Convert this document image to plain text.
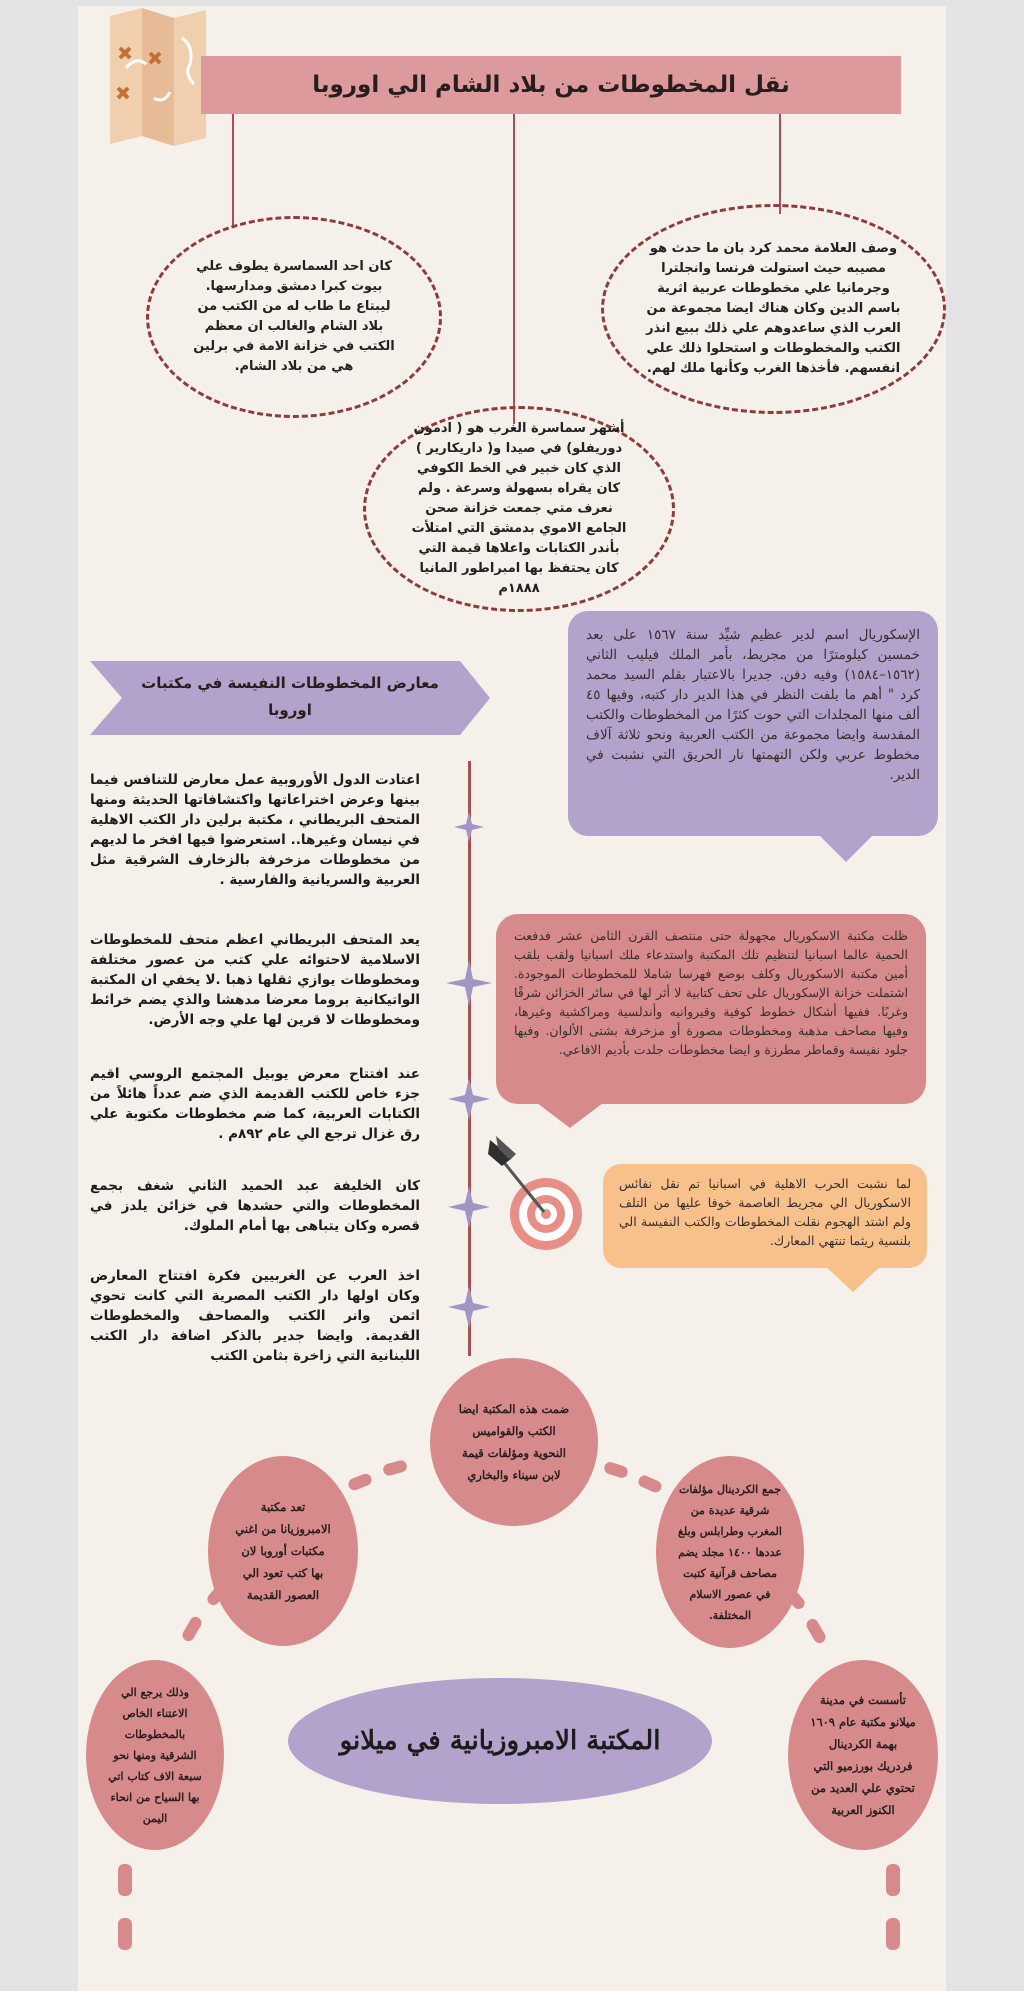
نقل المخطوطات من بلاد الشام الي اوروبا
وصف العلامة محمد كرد بان ما حدث هو مصيبه حيث استولت فرنسا وانجلترا وجرمانيا علي مخطوطات عربية اثرية باسم الدين وكان هناك ايضا مجموعة من العرب الذي ساعدوهم علي ذلك ببيع انذر الكتب والمخطوطات و استحلوا ذلك علي انفسهم. فأخذها الغرب وكأنها ملك لهم.
كان احد السماسرة يطوف علي بيوت كبرا دمشق ومدارسها. ليبتاع ما طاب له من الكتب من بلاد الشام والغالب ان معظم الكتب في خزانة الامة في برلين هي من بلاد الشام.
أشهر سماسرة الغرب هو ( ادمون دوريفلو) في صيدا و( داريكارير ) الذي كان خبير في الخط الكوفي كان يقراه بسهولة وسرعة . ولم نعرف متي جمعت خزانة صحن الجامع الاموي بدمشق التي امتلأت بأندر الكتابات واعلاها قيمة التي كان يحتفظ بها امبراطور المانيا ١٨٨٨م
الإسكوريال اسم لدير عظيم شيِّد سنة ١٥٦٧ على بعد خمسين كيلومترًا من مجريط، بأمر الملك فيليب الثاني (١٥٦٢–١٥٨٤) وفيه دفن. جديرا بالاعتبار بقلم السيد محمد كرد " أهم ما يلفت النظر في هذا الدير دار كتبه، وفيها ٤٥ ألف منها المجلدات التي حوت كثرًا من المخطوطات والكتب المقدسة وايضا مجموعة من الكتب العربية ونحو ثلاثة آلاف مخطوط عربي ولكن التهمتها نار الحريق التي نشبت في الدير.
معارض المخطوطات النفيسة في مكتبات اوروبا
اعتادت الدول الأوروبية عمل معارض للتنافس فيما بينها وعرض اختراعاتها واكتشافاتها الحديثة ومنها المتحف البريطاني ، مكتبة برلين دار الكتب الاهلية في نيسان وغيرها.. استعرضوا فيها افخر ما لديهم من مخطوطات مزخرفة بالزخارف الشرقية مثل العربية والسريانية والفارسية .
يعد المتحف البريطاني اعظم متحف للمخطوطات الاسلامية لاحتوائه علي كتب من عصور مختلفة ومخطوطات يوازي ثقلها ذهبا .لا يخفي ان المكتبة الواتيكانية بروما معرضا مدهشا والذي يضم خرائط ومخطوطات لا قرين لها علي وجه الأرض.
عند افتتاح معرض يوبيل المجتمع الروسي اقيم جزء خاص للكتب القديمة الذي ضم عدداً هائلاً من الكتابات العربية، كما ضم مخطوطات مكتوبة علي رق غزال ترجع الي عام ٨٩٢م .
كان الخليفة عبد الحميد الثاني شغف بجمع المخطوطات والتي حشدها في خزائن يلدز في قصره وكان يتباهى بها أمام الملوك.
اخذ العرب عن الغربيين فكرة افتتاح المعارض وكان اولها دار الكتب المصرية التي كانت تحوي اثمن وانر الكتب والمصاحف والمخطوطات القديمة. وايضا جدير بالذكر اضافة دار الكتب اللبنانية التي زاخرة بثامن الكتب
ظلت مكتبة الاسكوريال مجهولة حتى منتصف القرن الثامن عشر فدفعت الحمية عالما اسبانيا لتنظيم تلك المكتبة واستدعاء ملك اسبانيا ولقب بلقب أمين مكتبة الاسكوريال وكلف بوضع فهرسا شاملا للمخطوطات الموجودة. اشتملت خزانة الإسكوريال على تحف كتابية لا أثر لها في سائر الخزائن شرقًا وغربًا. ففيها أشكال خطوط كوفية وقيروانيه وأندلسية ومراكشية وغيرها، وفيها مصاحف مذهبة ومخطوطات مصورة أو مزخرفة بشتى الألوان. وفيها جلود نفيسة وقماطر مطرزة و ايضا مخطوطات جلدت بأديم الافاعي.
لما نشبت الحرب الاهلية في اسبانيا تم نقل نفائس الاسكوريال الي مجريط العاصمة خوفا عليها من التلف ولم اشتد الهجوم نقلت المخطوطات والكتب النفيسة الي بلنسية ريثما تنتهي المعارك.
ضمت هذه المكتبة ايضا الكتب والقواميس النحوية ومؤلفات قيمة لابن سيناء والبخاري
تعد مكتبة الامبروزيانا من اغني مكتبات أوروبا لان بها كتب تعود الي العصور القديمة
جمع الكردينال مؤلفات شرقية عديدة من المغرب وطرابلس وبلغ عددها ١٤٠٠ مجلد يضم مصاحف قرآنية كتبت في عصور الاسلام المختلفة.
وذلك يرجع الي الاعتناء الخاص بالمخطوطات الشرقية ومنها نحو سبعة الاف كتاب اتي بها السياح من انحاء اليمن
تأسست في مدينة ميلانو مكتبة عام ١٦٠٩ بهمة الكردينال فردريك بورزميو التي تحتوي علي العديد من الكنوز العربية
المكتبة الامبروزيانية في ميلانو
